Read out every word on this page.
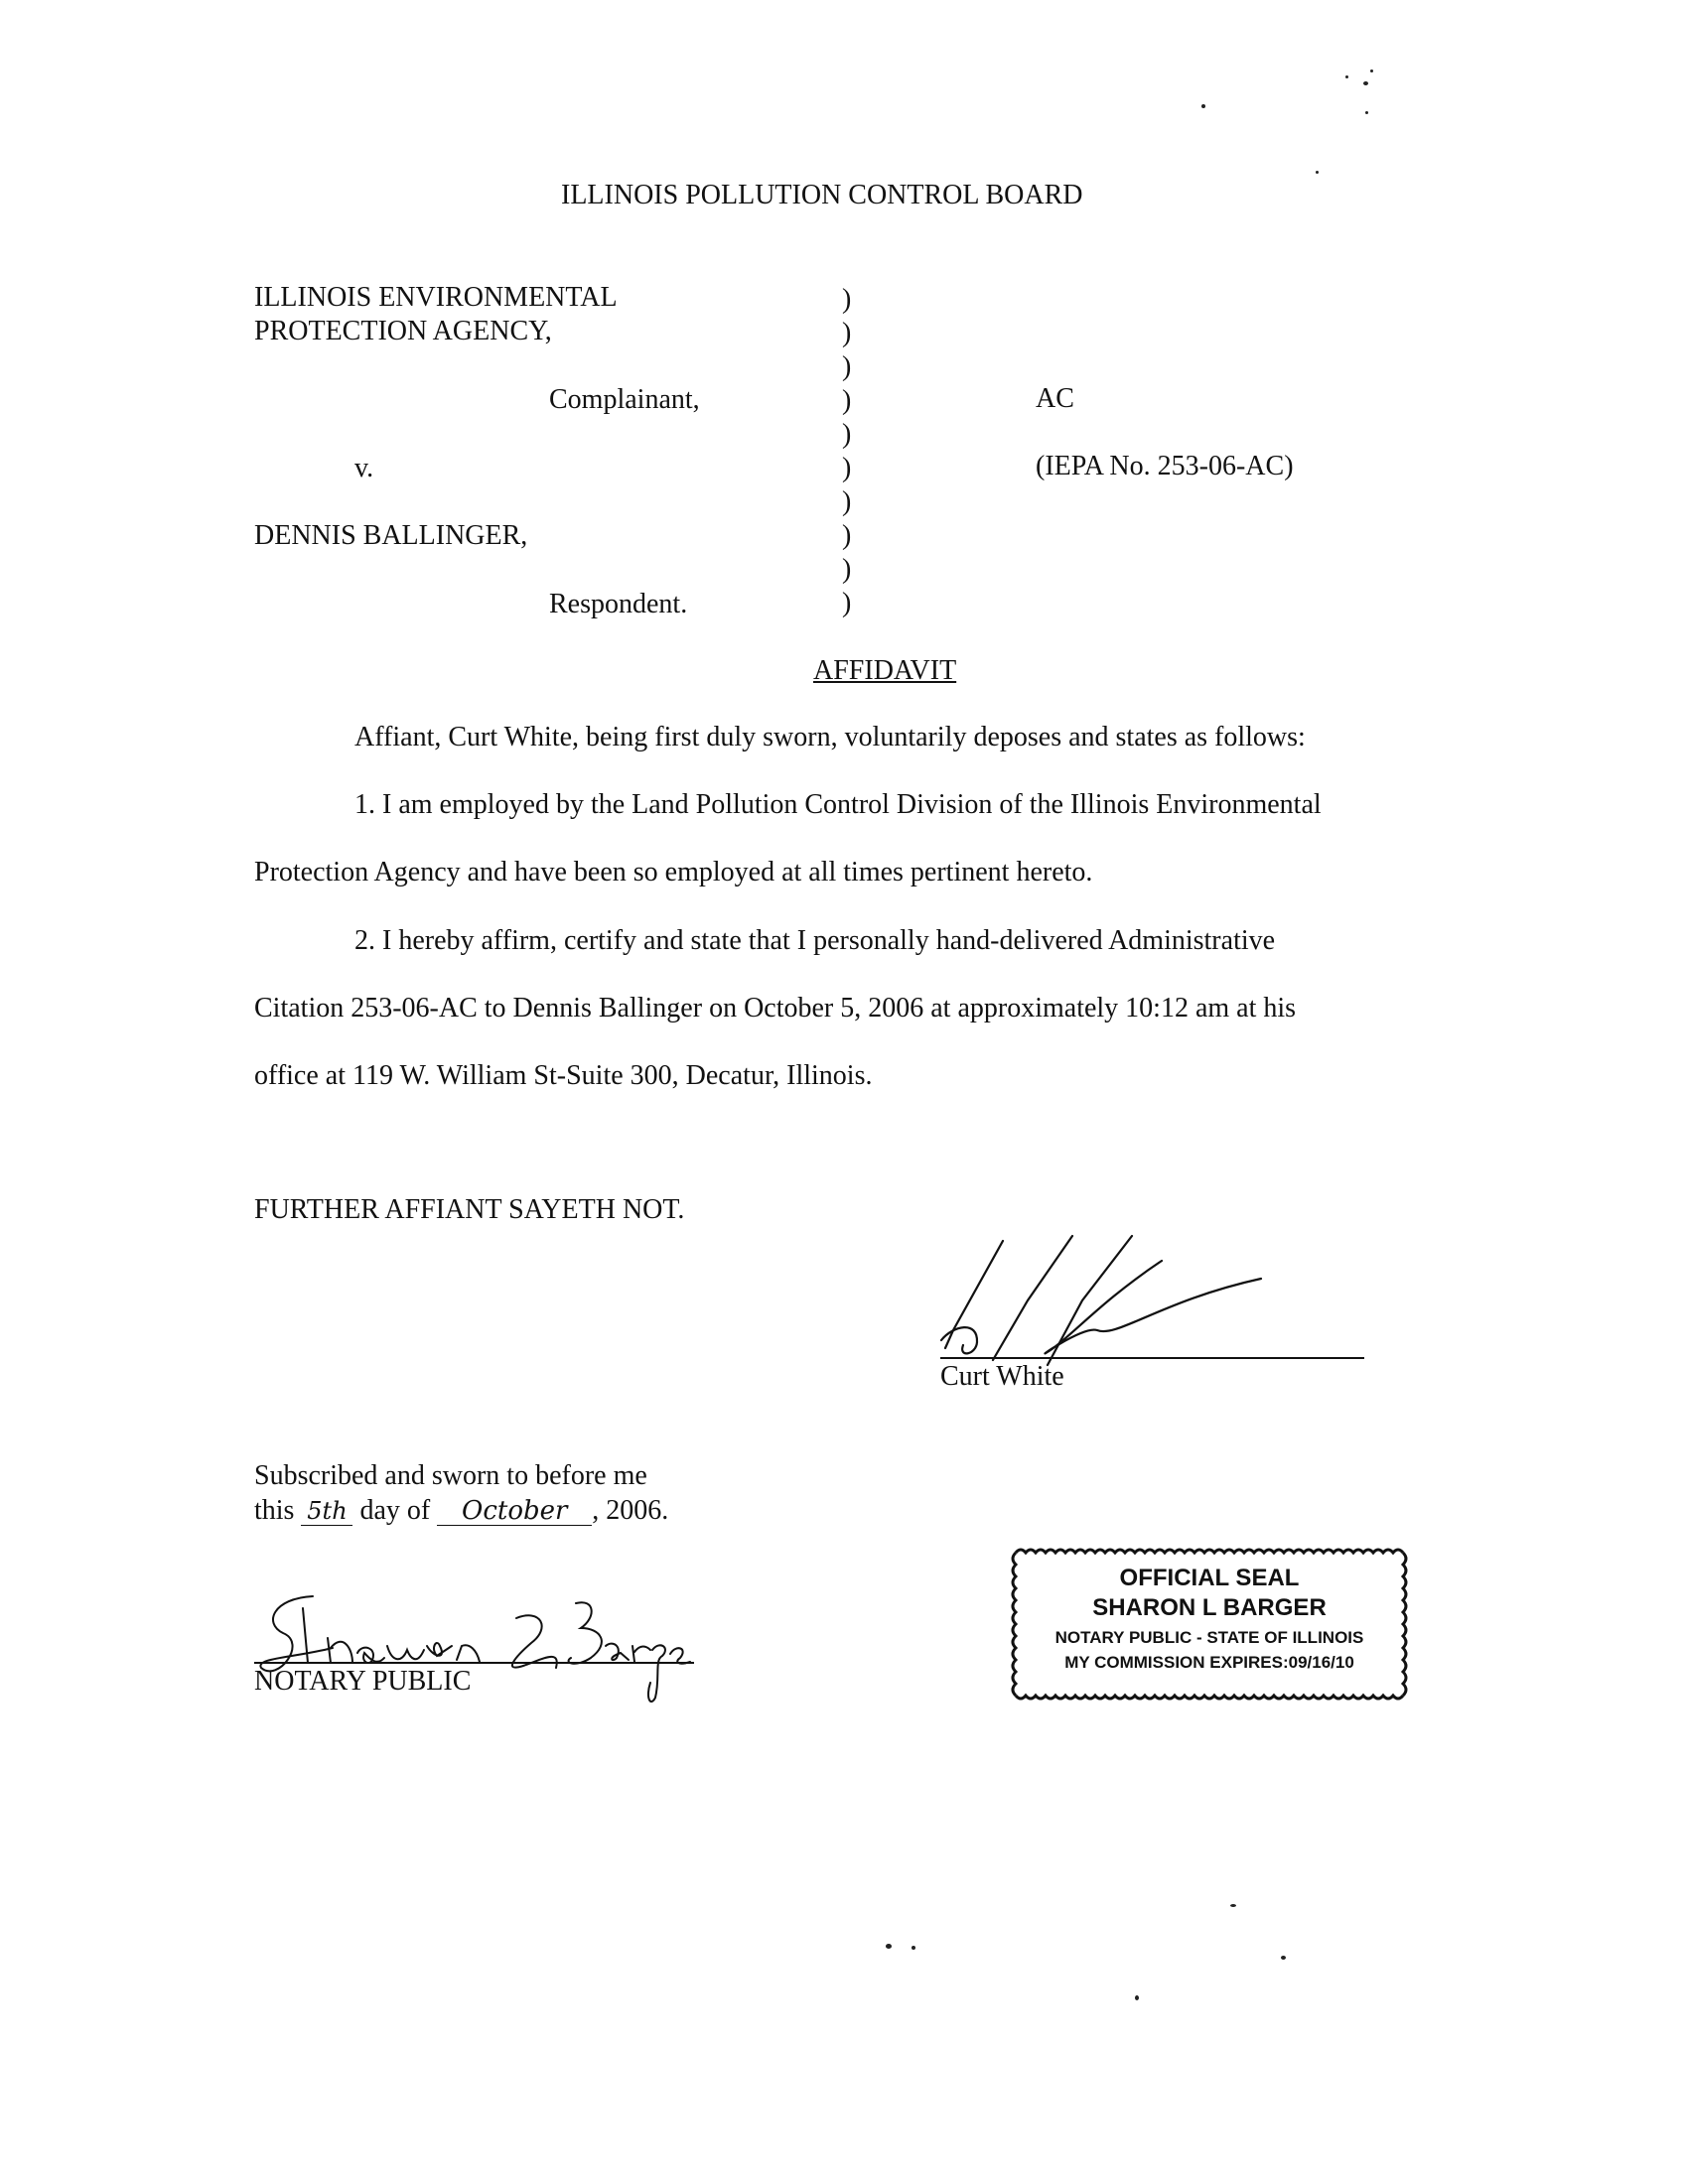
ILLINOIS POLLUTION CONTROL BOARD
ILLINOIS ENVIRONMENTAL
PROTECTION AGENCY,
Complainant,
v.
DENNIS BALLINGER,
Respondent.
)
)
)
)
)
)
)
)
)
)
AC
(IEPA No. 253-06-AC)
AFFIDAVIT
Affiant, Curt White, being first duly sworn, voluntarily deposes and states as follows:
1. I am employed by the Land Pollution Control Division of the Illinois Environmental
Protection Agency and have been so employed at all times pertinent hereto.
2. I hereby affirm, certify and state that I personally hand-delivered Administrative
Citation 253-06-AC to Dennis Ballinger on October 5, 2006 at approximately 10:12 am at his
office at 119 W. William St-Suite 300, Decatur, Illinois.
FURTHER AFFIANT SAYETH NOT.
Curt White
Subscribed and sworn to before me
this 5th day of October , 2006.
NOTARY PUBLIC
OFFICIAL SEAL
SHARON L BARGER
NOTARY PUBLIC - STATE OF ILLINOIS
MY COMMISSION EXPIRES:09/16/10
